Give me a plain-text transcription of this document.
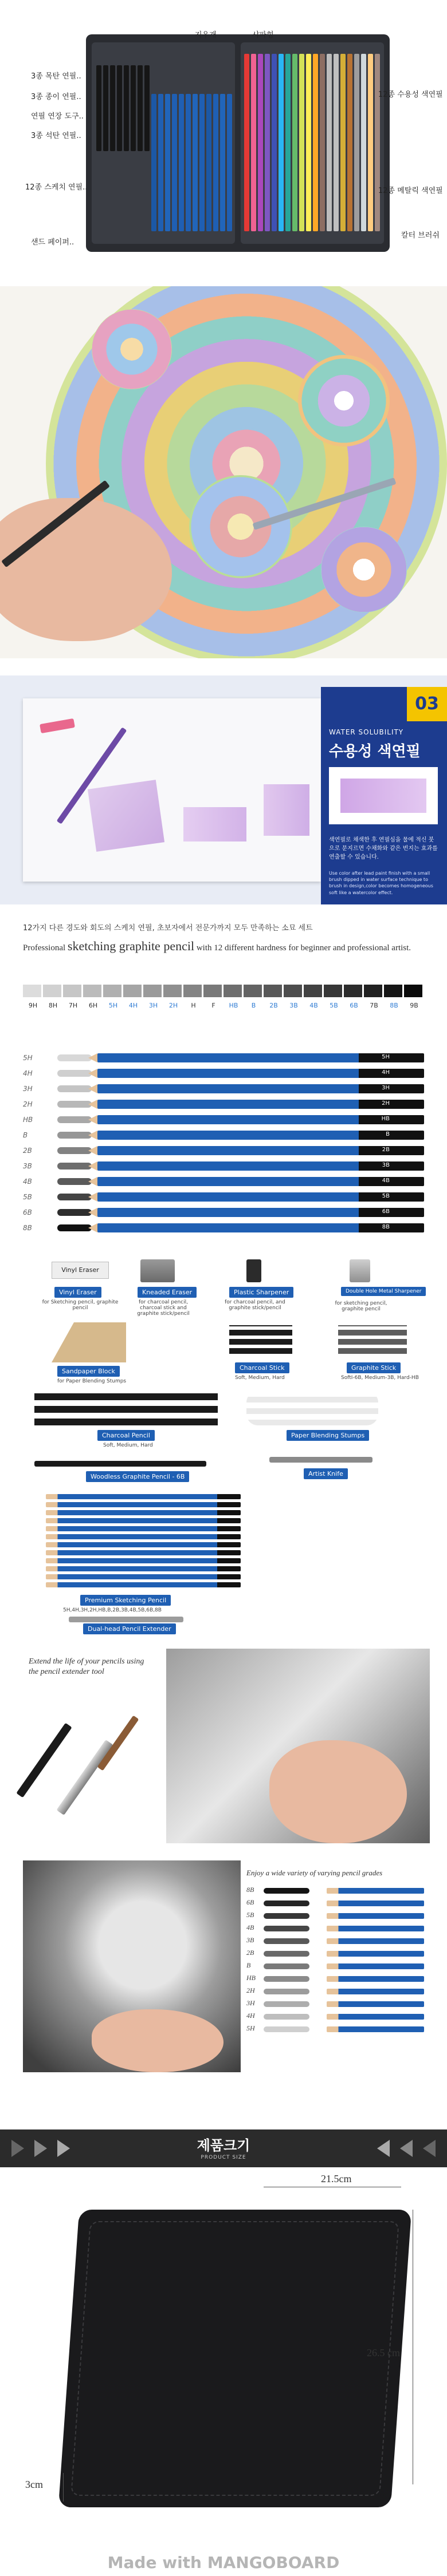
지우개	샤파형
3종 목탄 연필..
3종 종이 연필..
연필 연장 도구..
3종 석탄 연필..
12종 스케치 연필..
샌드 페이퍼..
12종 수용성 색연필
12종 메탈릭 색연필
칼터 브러쉬
03
WATER SOLUBILITY
수용성 색연필
색연필로 채색한 후 연필심을 물에 적신 붓으로 문지르면 수채화와 같은 번지는 효과를 연출할 수 있습니다.
Use color after lead paint finish with a small brush dipped in water surface technique to brush in design,color becomes homogeneous soft like a watercolor effect.
12가지 다른 경도와 회도의 스케치 연필, 초보자에서 전문가까지 모두 만족하는 소묘 세트
Professional sketching graphite pencil with 12 different hardness for beginner and professional artist.
9H	8H	7H	6H	5H	4H	3H	2H	H	F	HB	B	2B	3B	4B	5B	6B	7B	8B	9B
5H	5H
4H	4H
3H	3H
2H	2H
HB	HB
B	B
2B	2B
3B	3B
4B	4B
5B	5B
6B	6B
8B	8B
Vinyl Eraser
Vinyl Eraser
for Sketching pencil, graphite pencil
Kneaded Eraser
for charcoal pencil, charcoal stick and graphite stick/pencil
Plastic Sharpener
for charcoal pencil, and graphite stick/pencil
Double Hole Metal Sharpener
for sketching pencil, graphite pencil
Sandpaper Block
for Paper Blending Stumps
Charcoal Stick
Soft, Medium, Hard
Graphite Stick
SoftI-6B, Medium-3B, Hard-HB
Charcoal Pencil
Soft, Medium, Hard
Paper Blending Stumps
Woodless Graphite Pencil - 6B	Artist Knife
Premium Sketching Pencil
5H,4H,3H,2H,HB,B,2B,3B,4B,5B,6B,8B
Dual-head Pencil Extender
Extend the life of your pencils using the pencil extender tool
Enjoy a wide variety of varying pencil grades
8B
6B
5B
4B
3B
2B
B
HB
2H
3H
4H
5H
제품크기
PRODUCT SIZE
21.5cm
26.5 cm
3cm
Made with MANGOBOARD
